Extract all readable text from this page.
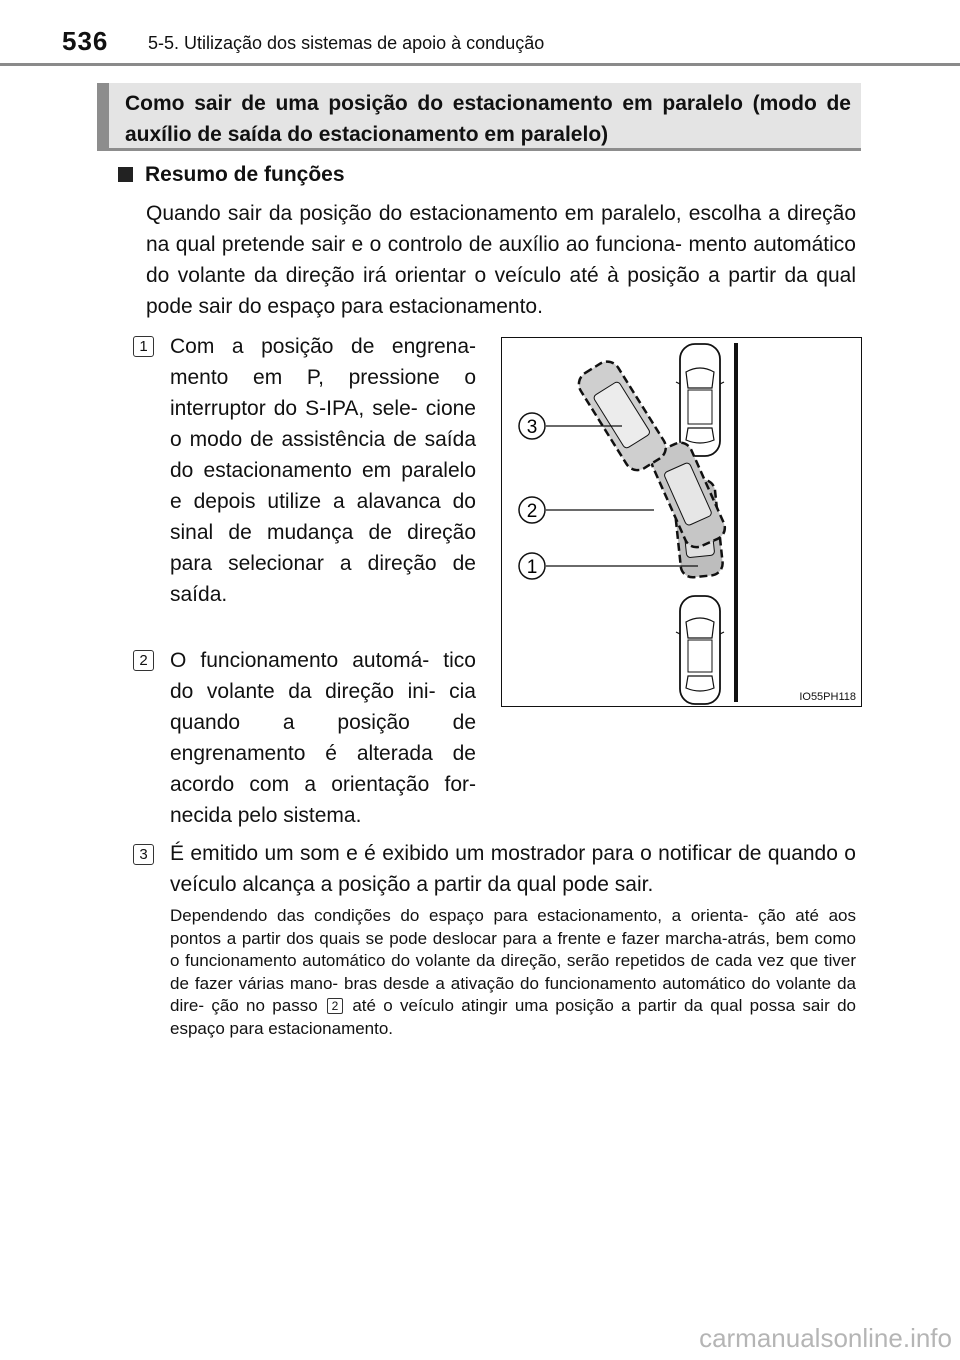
536 5-5. Utilização dos sistemas de apoio à condução

Como sair de uma posição do estacionamento em paralelo (modo de auxílio de saída do estacionamento em paralelo)

Resumo de funções

Quando sair da posição do estacionamento em paralelo, escolha a direção na qual pretende sair e o controlo de auxílio ao funciona- mento automático do volante da direção irá orientar o veículo até à posição a partir da qual pode sair do espaço para estacionamento.

1	Com a posição de engrena- mento em P, pressione o interruptor do S-IPA, sele- cione o modo de assistência de saída do estacionamento em paralelo e depois utilize a alavanca do sinal de mudança de direção para selecionar a direção de saída.

2	O funcionamento automá- tico do volante da direção ini- cia quando a posição de engrenamento é alterada de acordo com a orientação for- necida pelo sistema.

3	É emitido um som e é exibido um mostrador para o notificar de quando o veículo alcança a posição a partir da qual pode sair.

3
2
1
IO55PH118

Dependendo das condições do espaço para estacionamento, a orienta- ção até aos pontos a partir dos quais se pode deslocar para a frente e fazer marcha-atrás, bem como o funcionamento automático do volante da direção, serão repetidos de cada vez que tiver de fazer várias mano- bras desde a ativação do funcionamento automático do volante da dire- ção no passo 2 até o veículo atingir uma posição a partir da qual possa sair do espaço para estacionamento.

carmanualsonline.info
